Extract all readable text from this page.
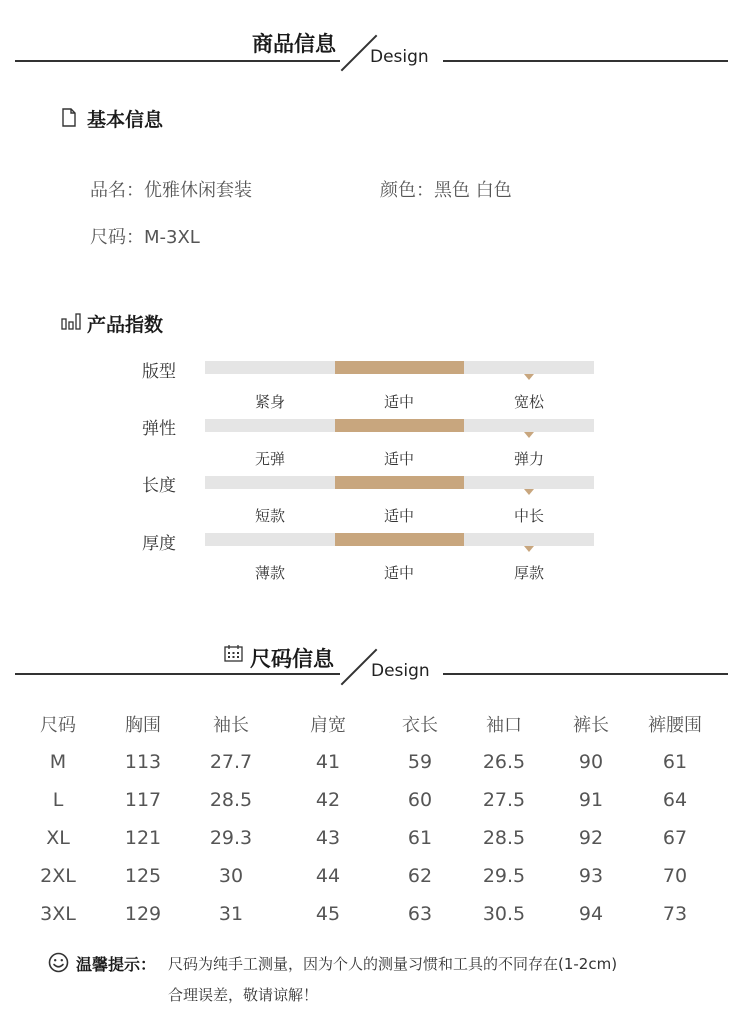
商品信息
Design
基本信息
品名：优雅休闲套装	颜色：黑色 白色
尺码：M-3XL
产品指数
版型
紧身	适中	宽松
弹性
无弹	适中	弹力
长度
短款	适中	中长
厚度
薄款	适中	厚款
尺码信息 Design
尺码	胸围	袖长	肩宽	衣长	袖口	裤长	裤腰围
M	113	27.7	41	59	26.5	90	61
L	117	28.5	42	60	27.5	91	64
XL	121	29.3	43	61	28.5	92	67
2XL	125	30	44	62	29.5	93	70
3XL	129	31	45	63	30.5	94	73
温馨提示： 尺码为纯手工测量，因为个人的测量习惯和工具的不同存在(1-2cm)
合理误差，敬请谅解！
